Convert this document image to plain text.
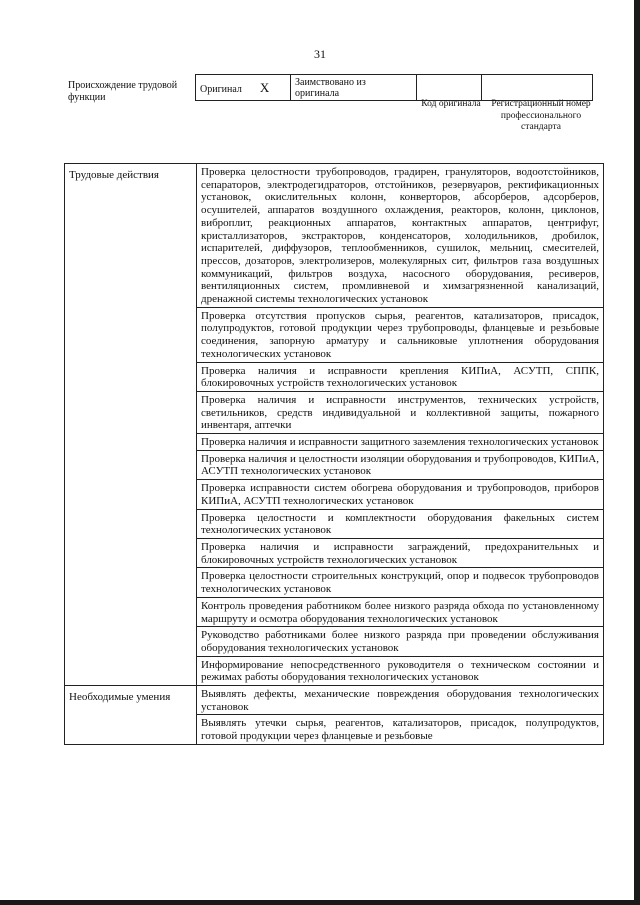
31
Происхождение трудовой функции
Оригинал X	Заимствовано из оригинала		
Код оригинала	Регистрационный номер профессионального стандарта
Трудовые действия	Проверка целостности трубопроводов, градирен, грануляторов, водоотстойников, сепараторов, электродегидраторов, отстойников, резервуаров, ректификационных установок, окислительных колонн, конверторов, абсорберов, адсорберов, осушителей, аппаратов воздушного охлаждения, реакторов, колонн, циклонов, виброплит, реакционных аппаратов, контактных аппаратов, центрифуг, кристаллизаторов, экстракторов, конденсаторов, холодильников, дробилок, испарителей, диффузоров, теплообменников, сушилок, мельниц, смесителей, прессов, дозаторов, электролизеров, молекулярных сит, фильтров газа воздушных коммуникаций, фильтров воздуха, насосного оборудования, ресиверов, вентиляционных систем, промливневой и химзагрязненной канализаций, дренажной системы технологических установок
	Проверка отсутствия пропусков сырья, реагентов, катализаторов, присадок, полупродуктов, готовой продукции через трубопроводы, фланцевые и резьбовые соединения, запорную арматуру и сальниковые уплотнения оборудования технологических установок
	Проверка наличия и исправности крепления КИПиА, АСУТП, СППК, блокировочных устройств технологических установок
	Проверка наличия и исправности инструментов, технических устройств, светильников, средств индивидуальной и коллективной защиты, пожарного инвентаря, аптечки
	Проверка наличия и исправности защитного заземления технологических установок
	Проверка наличия и целостности изоляции оборудования и трубопроводов, КИПиА, АСУТП технологических установок
	Проверка исправности систем обогрева оборудования и трубопроводов, приборов КИПиА, АСУТП технологических установок
	Проверка целостности и комплектности оборудования факельных систем технологических установок
	Проверка наличия и исправности заграждений, предохранительных и блокировочных устройств технологических установок
	Проверка целостности строительных конструкций, опор и подвесок трубопроводов технологических установок
	Контроль проведения работником более низкого разряда обхода по установленному маршруту и осмотра оборудования технологических установок
	Руководство работниками более низкого разряда при проведении обслуживания оборудования технологических установок
	Информирование непосредственного руководителя о техническом состоянии и режимах работы оборудования технологических установок
Необходимые умения	Выявлять дефекты, механические повреждения оборудования технологических установок
	Выявлять утечки сырья, реагентов, катализаторов, присадок, полупродуктов, готовой продукции через фланцевые и резьбовые
